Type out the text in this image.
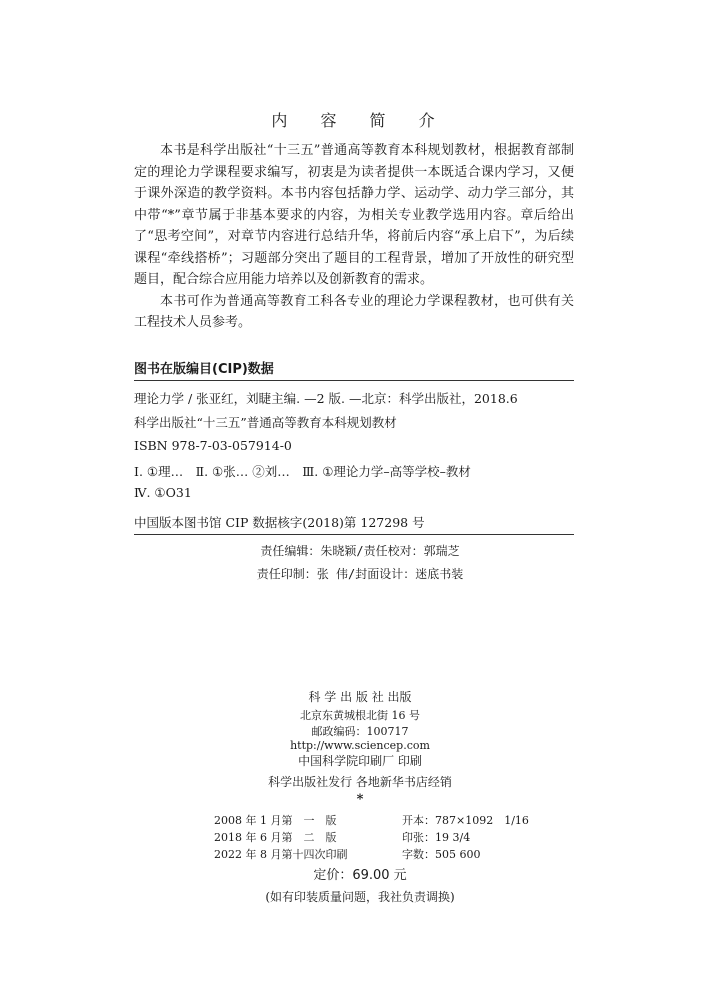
内 容 简 介

本书是科学出版社“十三五”普通高等教育本科规划教材，根据教育部制定的理论力学课程要求编写，初衷是为读者提供一本既适合课内学习，又便于课外深造的教学资料。本书内容包括静力学、运动学、动力学三部分，其中带“*”章节属于非基本要求的内容，为相关专业教学选用内容。章后给出了“思考空间”，对章节内容进行总结升华，将前后内容“承上启下”，为后续课程“牵线搭桥”；习题部分突出了题目的工程背景，增加了开放性的研究型题目，配合综合应用能力培养以及创新教育的需求。

本书可作为普通高等教育工科各专业的理论力学课程教材，也可供有关工程技术人员参考。

图书在版编目(CIP)数据
理论力学 / 张亚红，刘睫主编. —2 版. —北京：科学出版社，2018.6
科学出版社“十三五”普通高等教育本科规划教材
ISBN 978-7-03-057914-0
Ⅰ. ①理…　Ⅱ. ①张… ②刘…　Ⅲ. ①理论力学–高等学校–教材
Ⅳ. ①O31
中国版本图书馆 CIP 数据核字(2018)第 127298 号
责任编辑：朱晓颖/责任校对：郭瑞芝
责任印制：张 伟/封面设计：迷底书装
科 学 出 版 社 出版
北京东黄城根北街 16 号
邮政编码：100717
http://www.sciencep.com
中国科学院印刷厂 印刷
科学出版社发行 各地新华书店经销
*
2008 年 1 月第　一　版	开本：787×1092　1/16
2018 年 6 月第　二　版	印张：19 3/4
2022 年 8 月第十四次印刷	字数：505 600
定价：69.00 元
(如有印装质量问题，我社负责调换)
